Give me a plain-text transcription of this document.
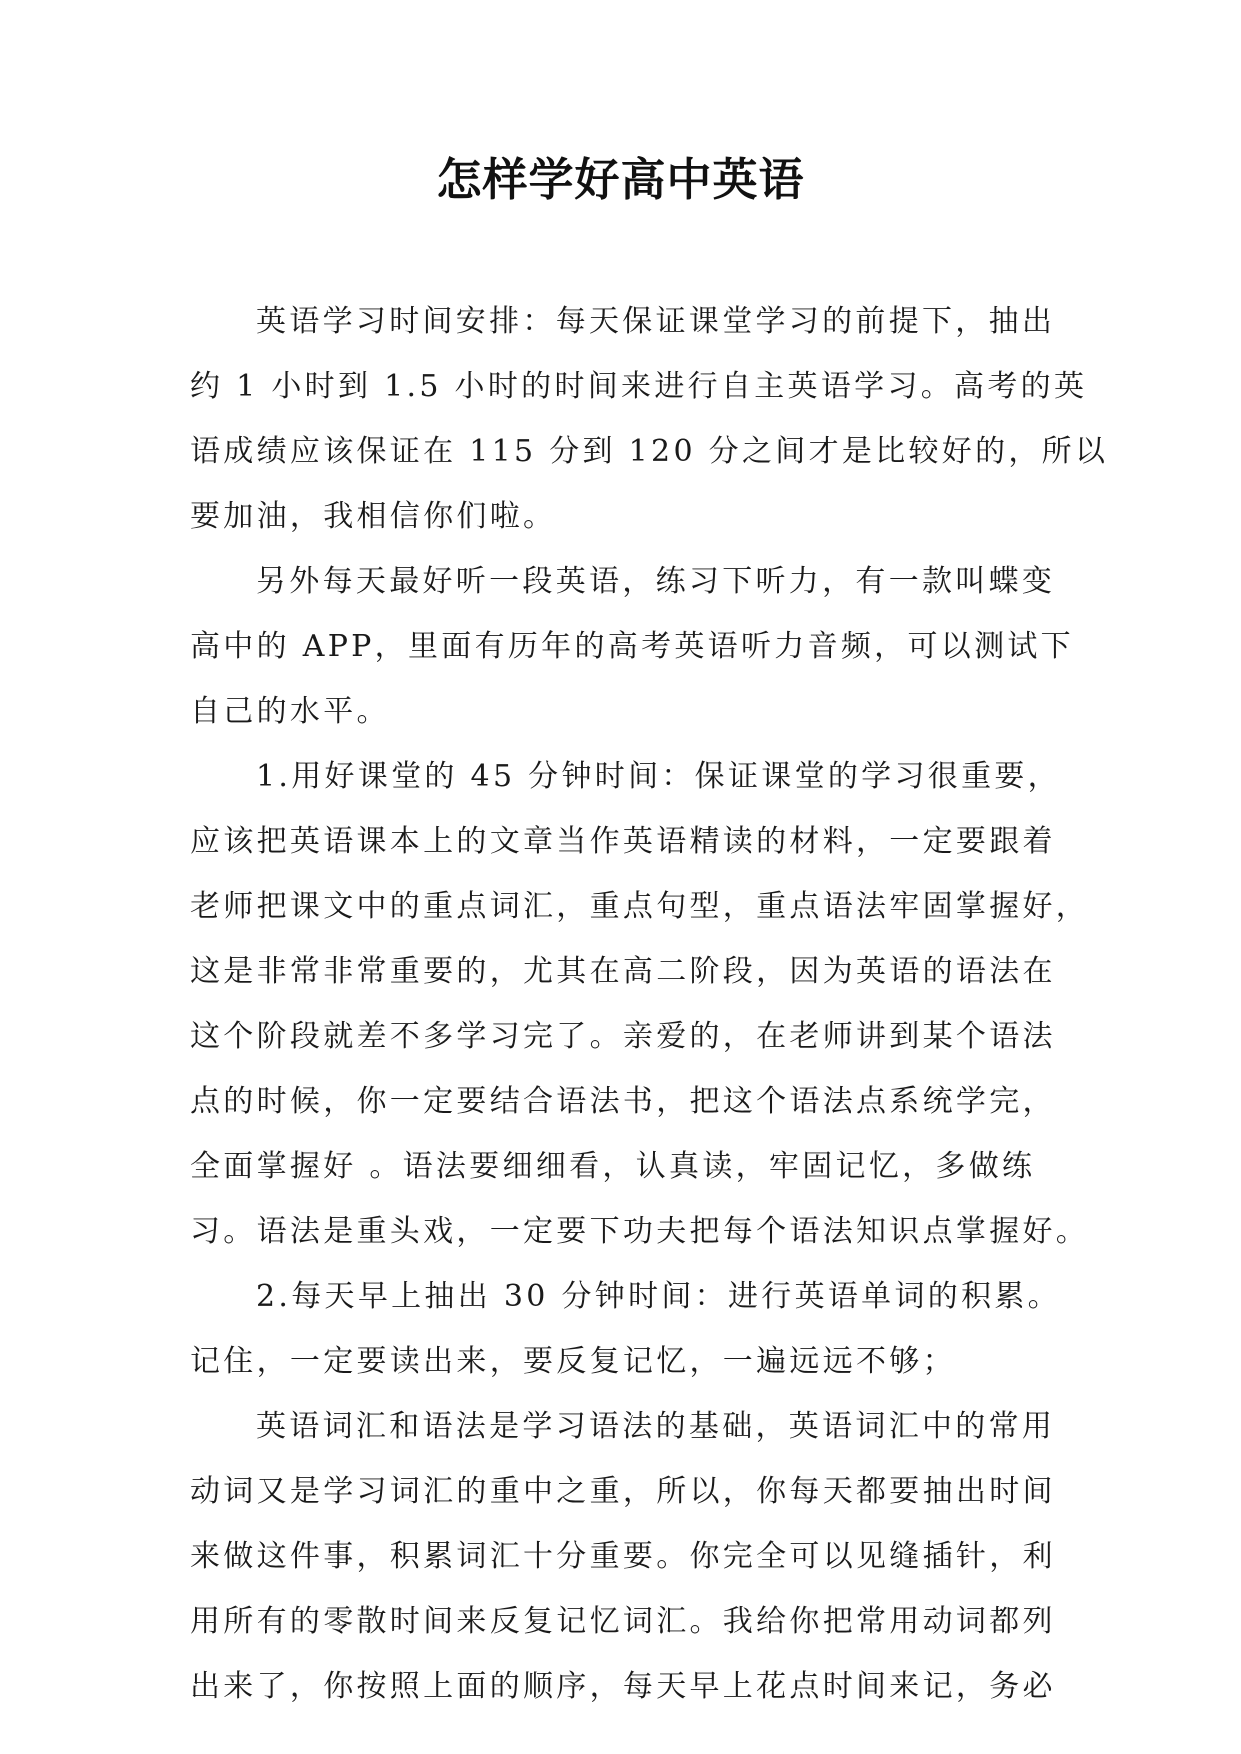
怎样学好高中英语

英语学习时间安排：每天保证课堂学习的前提下，抽出
约 1 小时到 1.5 小时的时间来进行自主英语学习。高考的英
语成绩应该保证在 115 分到 120 分之间才是比较好的，所以
要加油，我相信你们啦。

另外每天最好听一段英语，练习下听力，有一款叫蝶变
高中的 APP，里面有历年的高考英语听力音频，可以测试下
自己的水平。

1.用好课堂的 45 分钟时间：保证课堂的学习很重要，
应该把英语课本上的文章当作英语精读的材料，一定要跟着
老师把课文中的重点词汇，重点句型，重点语法牢固掌握好，
这是非常非常重要的，尤其在高二阶段，因为英语的语法在
这个阶段就差不多学习完了。亲爱的，在老师讲到某个语法
点的时候，你一定要结合语法书，把这个语法点系统学完，
全面掌握好 。语法要细细看，认真读，牢固记忆，多做练
习。语法是重头戏，一定要下功夫把每个语法知识点掌握好。

2.每天早上抽出 30 分钟时间：进行英语单词的积累。
记住，一定要读出来，要反复记忆，一遍远远不够；

英语词汇和语法是学习语法的基础，英语词汇中的常用
动词又是学习词汇的重中之重，所以，你每天都要抽出时间
来做这件事，积累词汇十分重要。你完全可以见缝插针，利
用所有的零散时间来反复记忆词汇。我给你把常用动词都列
出来了，你按照上面的顺序，每天早上花点时间来记，务必
